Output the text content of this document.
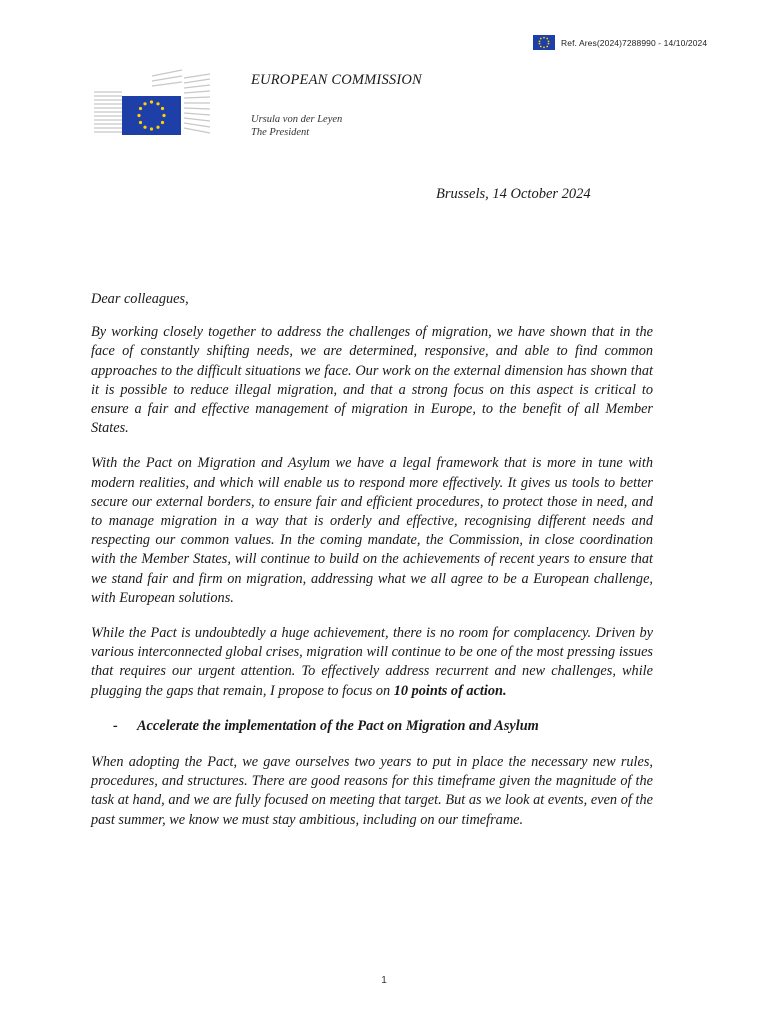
Ref. Ares(2024)7288990 - 14/10/2024
EUROPEAN COMMISSION
Ursula von der Leyen
The President
Brussels, 14 October 2024

Dear colleagues,

By working closely together to address the challenges of migration, we have shown that in the face of constantly shifting needs, we are determined, responsive, and able to find common approaches to the difficult situations we face. Our work on the external dimension has shown that it is possible to reduce illegal migration, and that a strong focus on this aspect is critical to ensure a fair and effective management of migration in Europe, to the benefit of all Member States.

With the Pact on Migration and Asylum we have a legal framework that is more in tune with modern realities, and which will enable us to respond more effectively. It gives us tools to better secure our external borders, to ensure fair and efficient procedures, to protect those in need, and to manage migration in a way that is orderly and effective, recognising different needs and respecting our common values. In the coming mandate, the Commission, in close coordination with the Member States, will continue to build on the achievements of recent years to ensure that we stand fair and firm on migration, addressing what we all agree to be a European challenge, with European solutions.

While the Pact is undoubtedly a huge achievement, there is no room for complacency. Driven by various interconnected global crises, migration will continue to be one of the most pressing issues that requires our urgent attention. To effectively address recurrent and new challenges, while plugging the gaps that remain, I propose to focus on 10 points of action.

-	Accelerate the implementation of the Pact on Migration and Asylum

When adopting the Pact, we gave ourselves two years to put in place the necessary new rules, procedures, and structures. There are good reasons for this timeframe given the magnitude of the task at hand, and we are fully focused on meeting that target. But as we look at events, even of the past summer, we know we must stay ambitious, including on our timeframe.

1
